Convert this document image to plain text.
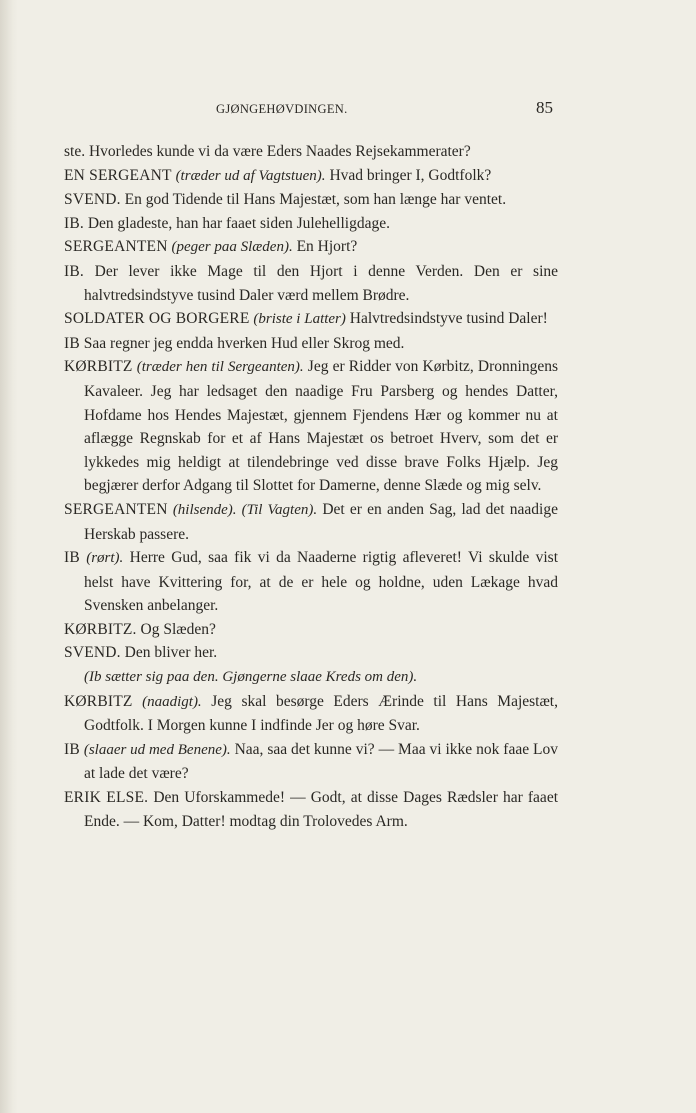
GJØNGEHØVDINGEN.	85

ste. Hvorledes kunde vi da være Eders Naades Rejsekammerater?

EN SERGEANT (træder ud af Vagtstuen). Hvad bringer I, Godtfolk?

SVEND. En god Tidende til Hans Majestæt, som han længe har ventet.

IB. Den gladeste, han har faaet siden Julehelligdage.

SERGEANTEN (peger paa Slæden). En Hjort?

IB. Der lever ikke Mage til den Hjort i denne Verden. Den er sine halvtredsindstyve tusind Daler værd mellem Brødre.

SOLDATER OG BORGERE (briste i Latter) Halvtredsindstyve tusind Daler!

IB Saa regner jeg endda hverken Hud eller Skrog med.

KØRBITZ (træder hen til Sergeanten). Jeg er Ridder von Kørbitz, Dronningens Kavaleer. Jeg har ledsaget den naadige Fru Parsberg og hendes Datter, Hofdame hos Hendes Majestæt, gjennem Fjendens Hær og kommer nu at aflægge Regnskab for et af Hans Majestæt os betroet Hverv, som det er lykkedes mig heldigt at tilendebringe ved disse brave Folks Hjælp. Jeg begjærer derfor Adgang til Slottet for Damerne, denne Slæde og mig selv.

SERGEANTEN (hilsende). (Til Vagten). Det er en anden Sag, lad det naadige Herskab passere.

IB (rørt). Herre Gud, saa fik vi da Naaderne rigtig afleveret! Vi skulde vist helst have Kvittering for, at de er hele og holdne, uden Lækage hvad Svensken anbelanger.

KØRBITZ. Og Slæden?

SVEND. Den bliver her.

(Ib sætter sig paa den. Gjøngerne slaae Kreds om den).

KØRBITZ (naadigt). Jeg skal besørge Eders Ærinde til Hans Majestæt, Godtfolk. I Morgen kunne I indfinde Jer og høre Svar.

IB (slaaer ud med Benene). Naa, saa det kunne vi? — Maa vi ikke nok faae Lov at lade det være?

ERIK ELSE. Den Uforskammede! — Godt, at disse Dages Rædsler har faaet Ende. — Kom, Datter! modtag din Trolovedes Arm.
